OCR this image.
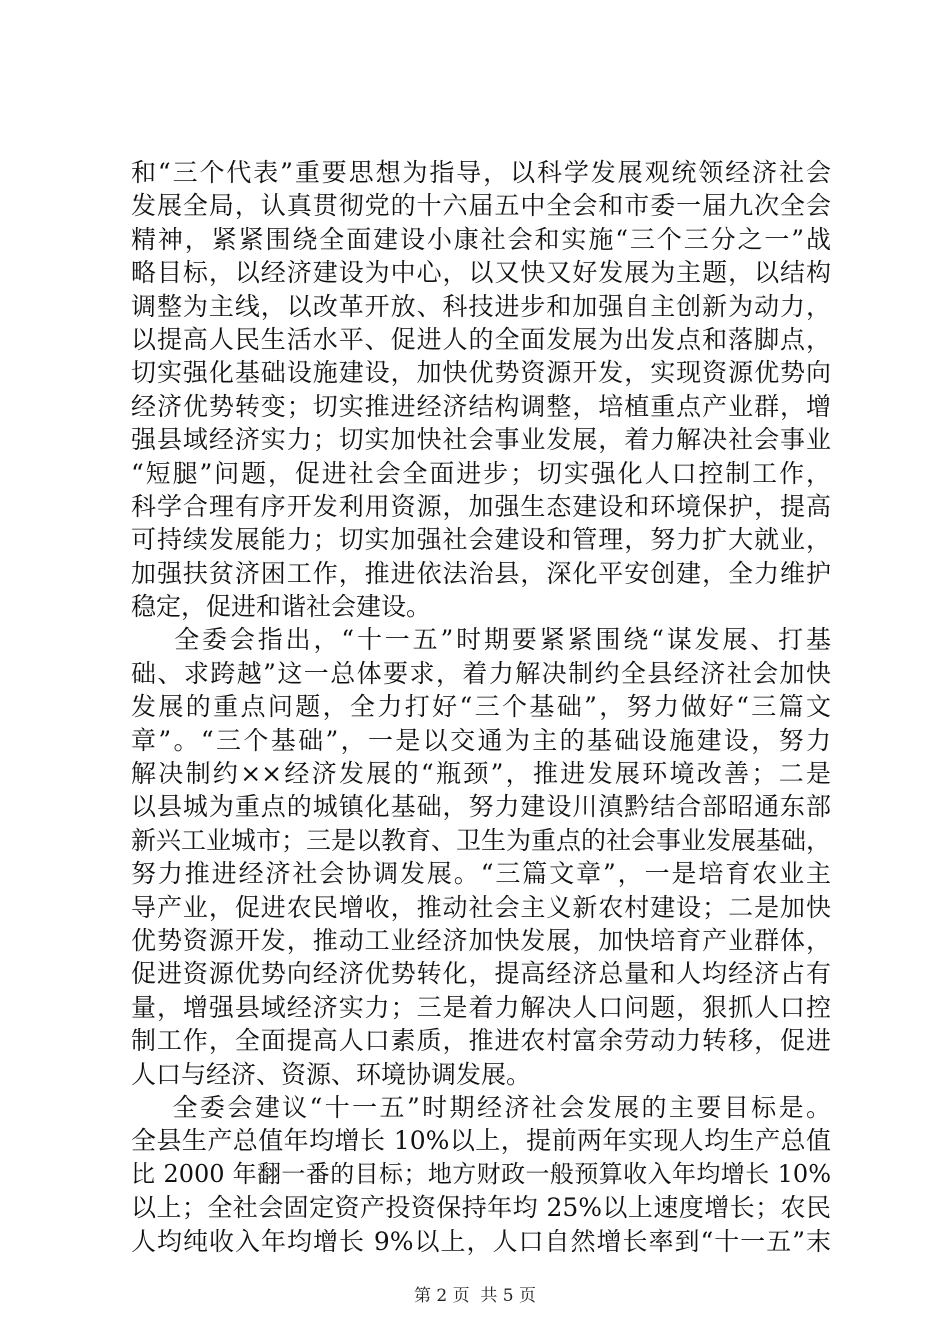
和“三个代表”重要思想为指导，以科学发展观统领经济社会
发展全局，认真贯彻党的十六届五中全会和市委一届九次全会
精神，紧紧围绕全面建设小康社会和实施“三个三分之一”战
略目标，以经济建设为中心，以又快又好发展为主题，以结构
调整为主线，以改革开放、科技进步和加强自主创新为动力，
以提高人民生活水平、促进人的全面发展为出发点和落脚点，
切实强化基础设施建设，加快优势资源开发，实现资源优势向
经济优势转变；切实推进经济结构调整，培植重点产业群，增
强县域经济实力；切实加快社会事业发展，着力解决社会事业
“短腿”问题，促进社会全面进步；切实强化人口控制工作，
科学合理有序开发利用资源，加强生态建设和环境保护，提高
可持续发展能力；切实加强社会建设和管理，努力扩大就业，
加强扶贫济困工作，推进依法治县，深化平安创建，全力维护
稳定，促进和谐社会建设。
全委会指出，“十一五”时期要紧紧围绕“谋发展、打基
础、求跨越”这一总体要求，着力解决制约全县经济社会加快
发展的重点问题，全力打好“三个基础”，努力做好“三篇文
章”。“三个基础”，一是以交通为主的基础设施建设，努力
解决制约××经济发展的“瓶颈”，推进发展环境改善；二是
以县城为重点的城镇化基础，努力建设川滇黔结合部昭通东部
新兴工业城市；三是以教育、卫生为重点的社会事业发展基础，
努力推进经济社会协调发展。“三篇文章”，一是培育农业主
导产业，促进农民增收，推动社会主义新农村建设；二是加快
优势资源开发，推动工业经济加快发展，加快培育产业群体，
促进资源优势向经济优势转化，提高经济总量和人均经济占有
量，增强县域经济实力；三是着力解决人口问题，狠抓人口控
制工作，全面提高人口素质，推进农村富余劳动力转移，促进
人口与经济、资源、环境协调发展。
全委会建议“十一五”时期经济社会发展的主要目标是。
全县生产总值年均增长 10%以上，提前两年实现人均生产总值
比 2000 年翻一番的目标；地方财政一般预算收入年均增长 10%
以上；全社会固定资产投资保持年均 25%以上速度增长；农民
人均纯收入年均增长 9%以上，人口自然增长率到“十一五”末
第 2 页  共 5 页
